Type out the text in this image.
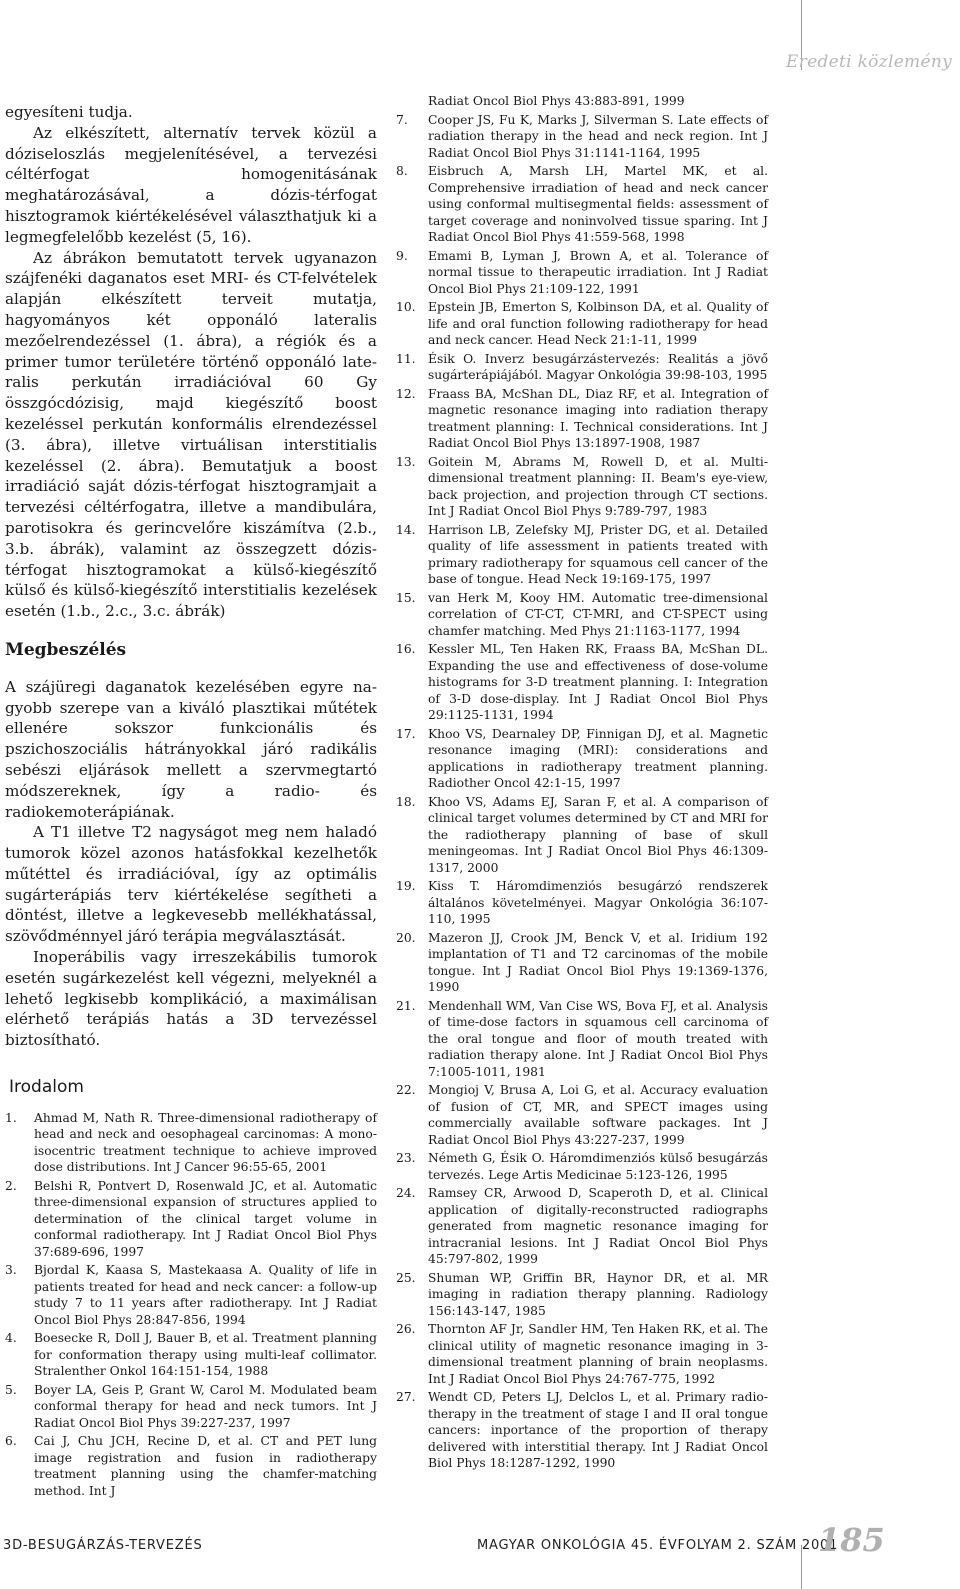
Eredeti közlemény

egyesíteni tudja.

Az elkészített, alternatív tervek közül a dóziseloszlás megjelenítésével, a tervezési céltérfogat homogenitásának meghatározásával, a dózis-térfogat hisztogramok kiértékelésével választhatjuk ki a legmegfelelőbb kezelést (5, 16).

Az ábrákon bemutatott tervek ugyanazon szájfenéki daganatos eset MRI- és CT-felvételek alapján elkészített terveit mutatja, hagyományos két opponáló lateralis mezőelrendezéssel (1. ábra), a régiók és a primer tumor területére történő opponáló lateralis perkután irradiációval 60 Gy összgócdózisig, majd kiegészítő boost kezeléssel perkután konformális elrendezéssel (3. ábra), illetve virtuálisan interstitialis kezeléssel (2. ábra). Bemutatjuk a boost irradiáció saját dózis-térfogat hisztogramjait a tervezési céltérfogatra, illetve a mandibulára, parotisokra és gerincvelőre kiszámítva (2.b., 3.b. ábrák), valamint az összegzett dózis-térfogat hisztogramokat a külső-kiegészítő külső és külső-kiegészítő interstitialis kezelések esetén (1.b., 2.c., 3.c. ábrák)

Megbeszélés

A szájüregi daganatok kezelésében egyre nagyobb szerepe van a kiváló plasztikai műtétek ellenére sokszor funkcionális és pszichoszociális hátrányokkal járó radikális sebészi eljárások mellett a szervmegtartó módszereknek, így a radio- és radiokemoterápiának.

A T1 illetve T2 nagyságot meg nem haladó tumorok közel azonos hatásfokkal kezelhetők műtéttel és irradiációval, így az optimális sugárterápiás terv kiértékelése segítheti a döntést, illetve a legkevesebb mellékhatással, szövődménnyel járó terápia megválasztását.

Inoperábilis vagy irreszekábilis tumorok esetén sugárkezelést kell végezni, melyeknél a lehető legkisebb komplikáció, a maximálisan elérhető terápiás hatás a 3D tervezéssel biztosítható.

Irodalom
1. Ahmad M, Nath R. Three-dimensional radiotherapy of head and neck and oesophageal carcinomas: A monoisocentric treatment technique to achieve improved dose distributions. Int J Cancer 96:55-65, 2001
2. Belshi R, Pontvert D, Rosenwald JC, et al. Automatic three-dimensional expansion of structures applied to determination of the clinical target volume in conformal radiotherapy. Int J Radiat Oncol Biol Phys 37:689-696, 1997
3. Bjordal K, Kaasa S, Mastekaasa A. Quality of life in patients treated for head and neck cancer: a follow-up study 7 to 11 years after radiotherapy. Int J Radiat Oncol Biol Phys 28:847-856, 1994
4. Boesecke R, Doll J, Bauer B, et al. Treatment planning for conformation therapy using multi-leaf collimator. Stralenther Onkol 164:151-154, 1988
5. Boyer LA, Geis P, Grant W, Carol M. Modulated beam conformal therapy for head and neck tumors. Int J Radiat Oncol Biol Phys 39:227-237, 1997
6. Cai J, Chu JCH, Recine D, et al. CT and PET lung image registration and fusion in radiotherapy treatment planning using the chamfer-matching method. Int J
Radiat Oncol Biol Phys 43:883-891, 1999
7. Cooper JS, Fu K, Marks J, Silverman S. Late effects of radiation therapy in the head and neck region. Int J Radiat Oncol Biol Phys 31:1141-1164, 1995
8. Eisbruch A, Marsh LH, Martel MK, et al. Comprehensive irradiation of head and neck cancer using conformal multisegmental fields: assessment of target coverage and noninvolved tissue sparing. Int J Radiat Oncol Biol Phys 41:559-568, 1998
9. Emami B, Lyman J, Brown A, et al. Tolerance of normal tissue to therapeutic irradiation. Int J Radiat Oncol Biol Phys 21:109-122, 1991
10. Epstein JB, Emerton S, Kolbinson DA, et al. Quality of life and oral function following radiotherapy for head and neck cancer. Head Neck 21:1-11, 1999
11. Ésik O. Inverz besugárzástervezés: Realitás a jövő sugárterápiájából. Magyar Onkológia 39:98-103, 1995
12. Fraass BA, McShan DL, Diaz RF, et al. Integration of magnetic resonance imaging into radiation therapy treatment planning: I. Technical considerations. Int J Radiat Oncol Biol Phys 13:1897-1908, 1987
13. Goitein M, Abrams M, Rowell D, et al. Multidimensional treatment planning: II. Beam's eye-view, back projection, and projection through CT sections. Int J Radiat Oncol Biol Phys 9:789-797, 1983
14. Harrison LB, Zelefsky MJ, Prister DG, et al. Detailed quality of life assessment in patients treated with primary radiotherapy for squamous cell cancer of the base of tongue. Head Neck 19:169-175, 1997
15. van Herk M, Kooy HM. Automatic tree-dimensional correlation of CT-CT, CT-MRI, and CT-SPECT using chamfer matching. Med Phys 21:1163-1177, 1994
16. Kessler ML, Ten Haken RK, Fraass BA, McShan DL. Expanding the use and effectiveness of dose-volume histograms for 3-D treatment planning. I: Integration of 3-D dose-display. Int J Radiat Oncol Biol Phys 29:1125-1131, 1994
17. Khoo VS, Dearnaley DP, Finnigan DJ, et al. Magnetic resonance imaging (MRI): considerations and applications in radiotherapy treatment planning. Radiother Oncol 42:1-15, 1997
18. Khoo VS, Adams EJ, Saran F, et al. A comparison of clinical target volumes determined by CT and MRI for the radiotherapy planning of base of skull meningeomas. Int J Radiat Oncol Biol Phys 46:1309-1317, 2000
19. Kiss T. Háromdimenziós besugárzó rendszerek általános követelményei. Magyar Onkológia 36:107-110, 1995
20. Mazeron JJ, Crook JM, Benck V, et al. Iridium 192 implantation of T1 and T2 carcinomas of the mobile tongue. Int J Radiat Oncol Biol Phys 19:1369-1376, 1990
21. Mendenhall WM, Van Cise WS, Bova FJ, et al. Analysis of time-dose factors in squamous cell carcinoma of the oral tongue and floor of mouth treated with radiation therapy alone. Int J Radiat Oncol Biol Phys 7:1005-1011, 1981
22. Mongioj V, Brusa A, Loi G, et al. Accuracy evaluation of fusion of CT, MR, and SPECT images using commercially available software packages. Int J Radiat Oncol Biol Phys 43:227-237, 1999
23. Németh G, Ésik O. Háromdimenziós külső besugárzás tervezés. Lege Artis Medicinae 5:123-126, 1995
24. Ramsey CR, Arwood D, Scaperoth D, et al. Clinical application of digitally-reconstructed radiographs generated from magnetic resonance imaging for intracranial lesions. Int J Radiat Oncol Biol Phys 45:797-802, 1999
25. Shuman WP, Griffin BR, Haynor DR, et al. MR imaging in radiation therapy planning. Radiology 156:143-147, 1985
26. Thornton AF Jr, Sandler HM, Ten Haken RK, et al. The clinical utility of magnetic resonance imaging in 3-dimensional treatment planning of brain neoplasms. Int J Radiat Oncol Biol Phys 24:767-775, 1992
27. Wendt CD, Peters LJ, Delclos L, et al. Primary radiotherapy in the treatment of stage I and II oral tongue cancers: inportance of the proportion of therapy delivered with interstitial therapy. Int J Radiat Oncol Biol Phys 18:1287-1292, 1990
3D-BESUGÁRZÁS-TERVEZÉS	MAGYAR ONKOLÓGIA 45. ÉVFOLYAM 2. SZÁM 2001
185
